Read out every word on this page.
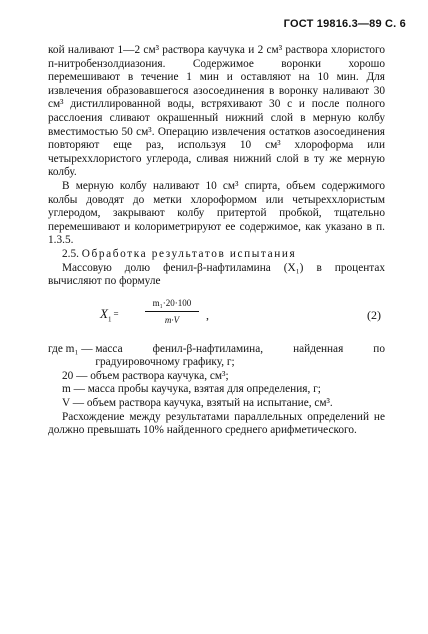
ГОСТ 19816.3—89 С. 6

кой наливают 1—2 см³ раствора каучука и 2 см³ раствора хлористого п-нитробензолдиазония. Содержимое воронки хорошо перемешивают в течение 1 мин и оставляют на 10 мин. Для извлечения образовавшегося азосоединения в воронку наливают 30 см³ дистиллированной воды, встряхивают 30 с и после полного расслоения сливают окрашенный нижний слой в мерную колбу вместимостью 50 см³. Операцию извлечения остатков азосоединения повторяют еще раз, используя 10 см³ хлороформа или четыреххлористого углерода, сливая нижний слой в ту же мерную колбу.

В мерную колбу наливают 10 см³ спирта, объем содержимого колбы доводят до метки хлороформом или четыреххлористым углеродом, закрывают колбу притертой пробкой, тщательно перемешивают и колориметрируют ее содержимое, как указано в п. 1.3.5.

2.5. Обработка результатов испытания

Массовую долю фенил-β-нафтиламина (X₁) в процентах вычисляют по формуле

$X_1=$	$\frac{\text{m₁·20·100}}{m\cdot V}$ ,	(2)
где m₁ — масса фенил-β-нафтиламина, найденная по градуировочному графику, г;
20 — объем раствора каучука, см³;
m — масса пробы каучука, взятая для определения, г;
V — объем раствора каучука, взятый на испытание, см³.

Расхождение между результатами параллельных определений не должно превышать 10% найденного среднего арифметического.
